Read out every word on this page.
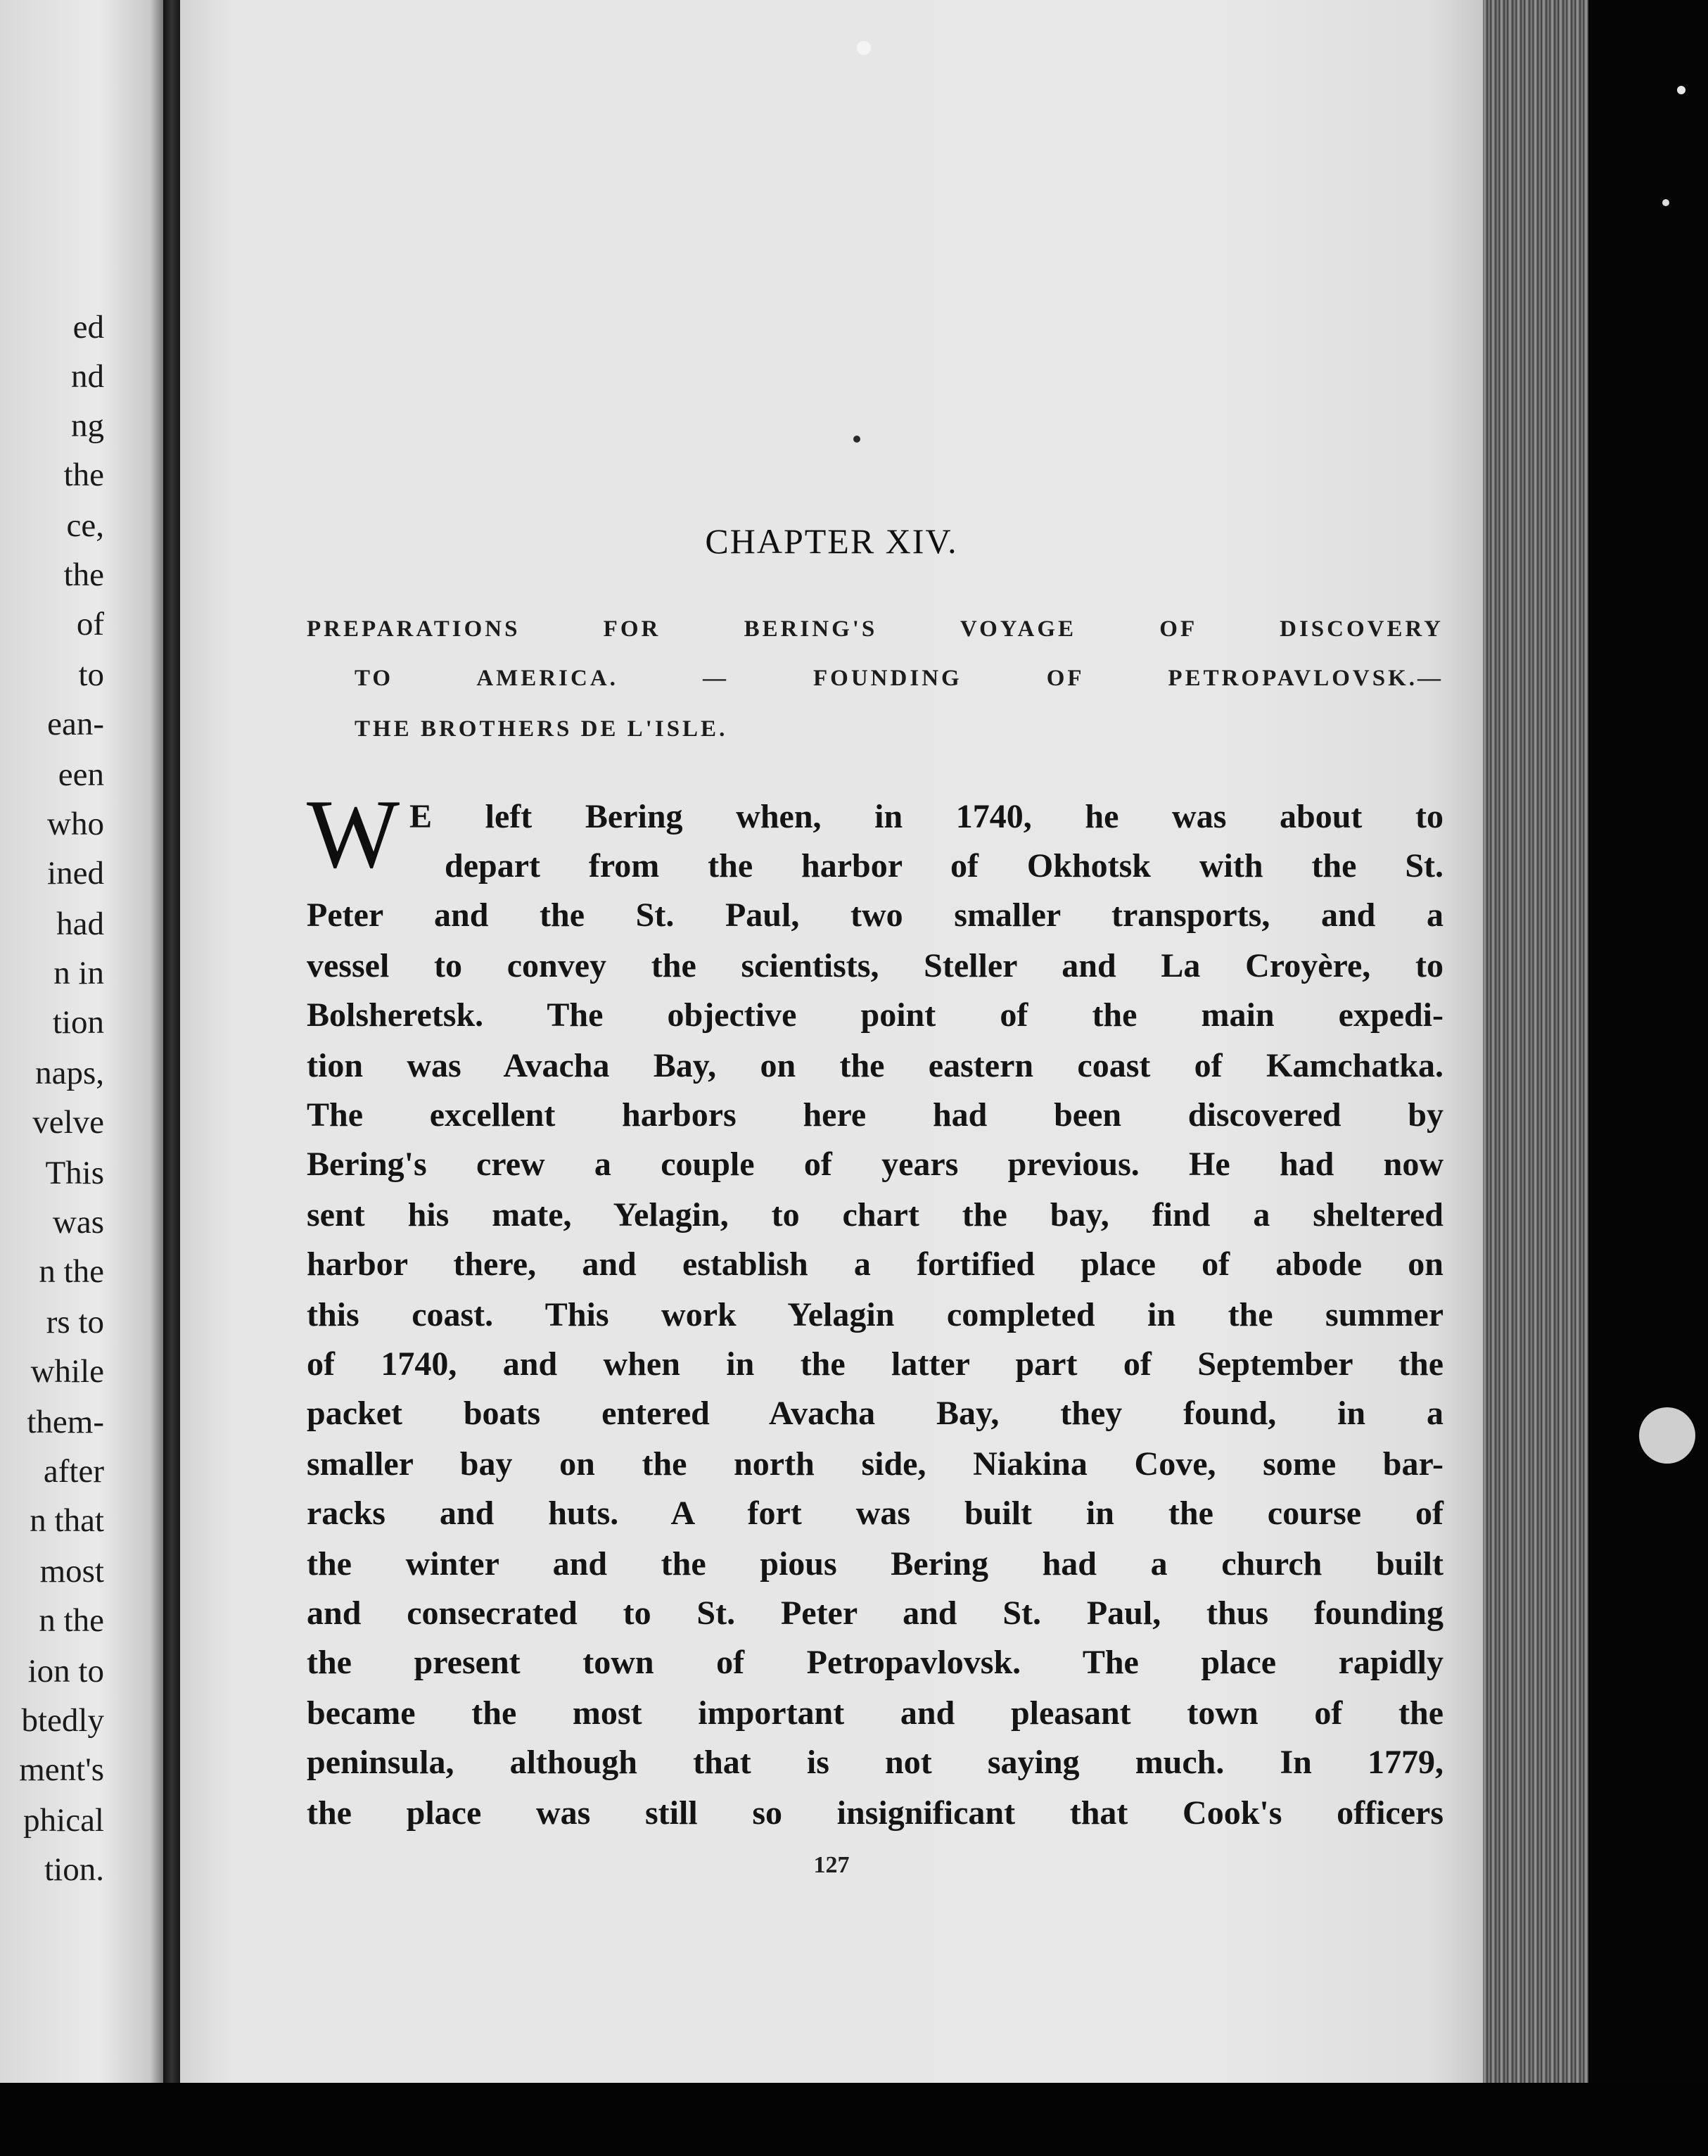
ed

nd

ng

the

ce,

the

of

to

ean-

een

who

ined

had

n in

tion

naps,

velve

This

was

n the

rs to

while

them-

after

n that

most

n the

ion to

btedly

ment's

phical

tion.

CHAPTER XIV.

PREPARATIONS FOR BERING'S VOYAGE OF DISCOVERY

TO AMERICA. — FOUNDING OF PETROPAVLOVSK.—

THE BROTHERS DE L'ISLE.

W E left Bering when, in 1740, he was about to

depart from the harbor of Okhotsk with the St.

Peter and the St. Paul, two smaller transports, and a

vessel to convey the scientists, Steller and La Croyère, to

Bolsheretsk. The objective point of the main expedi-

tion was Avacha Bay, on the eastern coast of Kamchatka.

The excellent harbors here had been discovered by

Bering's crew a couple of years previous. He had now

sent his mate, Yelagin, to chart the bay, find a sheltered

harbor there, and establish a fortified place of abode on

this coast. This work Yelagin completed in the summer

of 1740, and when in the latter part of September the

packet boats entered Avacha Bay, they found, in a

smaller bay on the north side, Niakina Cove, some bar-

racks and huts. A fort was built in the course of

the winter and the pious Bering had a church built

and consecrated to St. Peter and St. Paul, thus founding

the present town of Petropavlovsk. The place rapidly

became the most important and pleasant town of the

peninsula, although that is not saying much. In 1779,

the place was still so insignificant that Cook's officers

127
